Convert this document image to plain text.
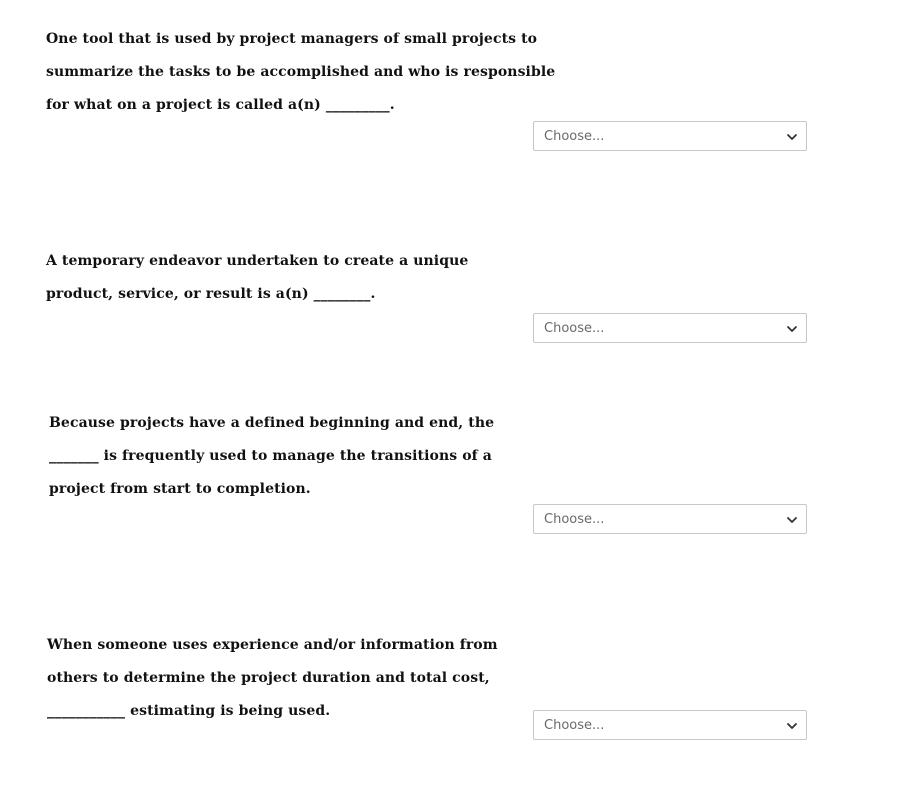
One tool that is used by project managers of small projects to
summarize the tasks to be accomplished and who is responsible
for what on a project is called a(n) _________.
Choose...
A temporary endeavor undertaken to create a unique
product, service, or result is a(n) ________.
Choose...
Because projects have a defined beginning and end, the
_______ is frequently used to manage the transitions of a
project from start to completion.
Choose...
When someone uses experience and/or information from
others to determine the project duration and total cost,
___________ estimating is being used.
Choose...
